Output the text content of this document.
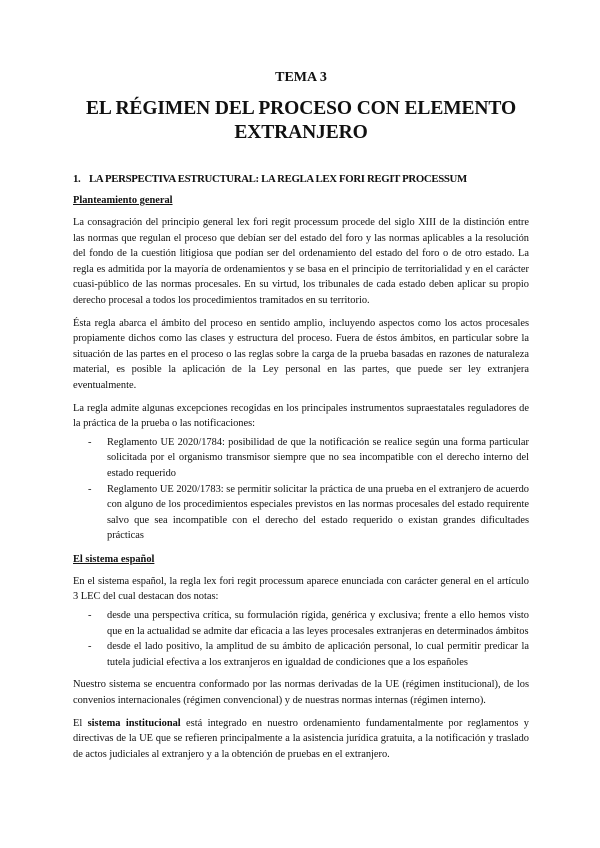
TEMA 3

EL RÉGIMEN DEL PROCESO CON ELEMENTO EXTRANJERO

1. LA PERSPECTIVA ESTRUCTURAL: LA REGLA LEX FORI REGIT PROCESSUM

Planteamiento general

La consagración del principio general lex fori regit processum procede del siglo XIII de la distinción entre las normas que regulan el proceso que debían ser del estado del foro y las normas aplicables a la resolución del fondo de la cuestión litigiosa que podían ser del ordenamiento del estado del foro o de otro estado. La regla es admitida por la mayoría de ordenamientos y se basa en el principio de territorialidad y en el carácter cuasi-público de las normas procesales. En su virtud, los tribunales de cada estado deben aplicar su propio derecho procesal a todos los procedimientos tramitados en su territorio.

Ésta regla abarca el ámbito del proceso en sentido amplio, incluyendo aspectos como los actos procesales propiamente dichos como las clases y estructura del proceso. Fuera de éstos ámbitos, en particular sobre la situación de las partes en el proceso o las reglas sobre la carga de la prueba basadas en razones de naturaleza material, es posible la aplicación de la Ley personal en las partes, que puede ser ley extranjera eventualmente.

La regla admite algunas excepciones recogidas en los principales instrumentos supraestatales reguladores de la práctica de la prueba o las notificaciones:

- Reglamento UE 2020/1784: posibilidad de que la notificación se realice según una forma particular solicitada por el organismo transmisor siempre que no sea incompatible con el derecho interno del estado requerido
- Reglamento UE 2020/1783: se permitir solicitar la práctica de una prueba en el extranjero de acuerdo con alguno de los procedimientos especiales previstos en las normas procesales del estado requirente salvo que sea incompatible con el derecho del estado requerido o existan grandes dificultades prácticas

El sistema español

En el sistema español, la regla lex fori regit processum aparece enunciada con carácter general en el artículo 3 LEC del cual destacan dos notas:

- desde una perspectiva crítica, su formulación rígida, genérica y exclusiva; frente a ello hemos visto que en la actualidad se admite dar eficacia a las leyes procesales extranjeras en determinados ámbitos
- desde el lado positivo, la amplitud de su ámbito de aplicación personal, lo cual permitir predicar la tutela judicial efectiva a los extranjeros en igualdad de condiciones que a los españoles

Nuestro sistema se encuentra conformado por las normas derivadas de la UE (régimen institucional), de los convenios internacionales (régimen convencional) y de nuestras normas internas (régimen interno).

El sistema institucional está integrado en nuestro ordenamiento fundamentalmente por reglamentos y directivas de la UE que se refieren principalmente a la asistencia jurídica gratuita, a la notificación y traslado de actos judiciales al extranjero y a la obtención de pruebas en el extranjero.
